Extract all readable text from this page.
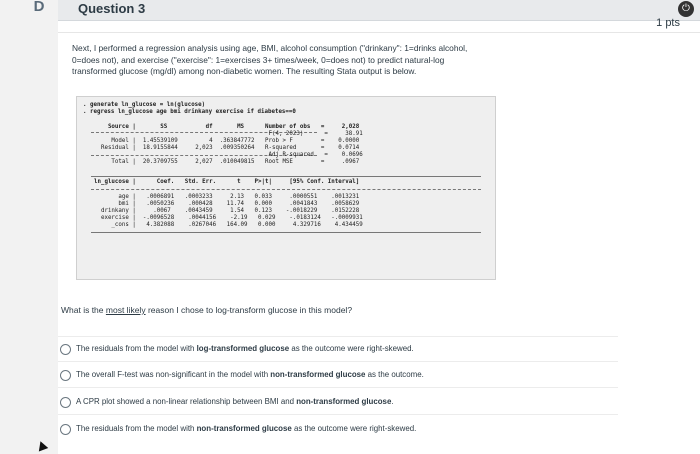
D	Question 3	⏻
1 pts
Next, I performed a regression analysis using age, BMI, alcohol consumption ("drinkany": 1=drinks alcohol,
0=does not), and exercise ("exercise": 1=exercises 3+ times/week, 0=does not) to predict natural-log
transformed glucose (mg/dl) among non-diabetic women. The resulting Stata output is below.

. generate ln_glucose = ln(glucose)

. regress ln_glucose age bmi drinkany exercise if diabetes==0

Source |       SS           df       MS      Number of obs   =     2,028

F(4, 2023)      =     38.91

Model |  1.45539109         4  .363847772   Prob > F        =    0.0000

Residual |  18.9155844     2,023  .009350264   R-squared       =    0.0714

Adj R-squared   =    0.0696

Total |  20.3709755     2,027  .010049815   Root MSE        =     .0967

ln_glucose |      Coef.   Std. Err.      t    P>|t|     [95% Conf. Interval]

age |   .0006891   .0003233     2.13   0.033     .0000551    .0013231

bmi |   .0050236    .000428    11.74   0.000     .0041843    .0058629

drinkany |     .0067    .0043459     1.54   0.123    -.0018229    .0152228

exercise |  -.0096528    .0044156    -2.19   0.029    -.0183124   -.0009931

_cons |   4.382088    .0267046   164.09   0.000     4.329716    4.434459

What is the most likely reason I chose to log-transform glucose in this model?
The residuals from the model with log-transformed glucose as the outcome were right-skewed.
The overall F-test was non-significant in the model with non-transformed glucose as the outcome.
A CPR plot showed a non-linear relationship between BMI and non-transformed glucose.
The residuals from the model with non-transformed glucose as the outcome were right-skewed.
